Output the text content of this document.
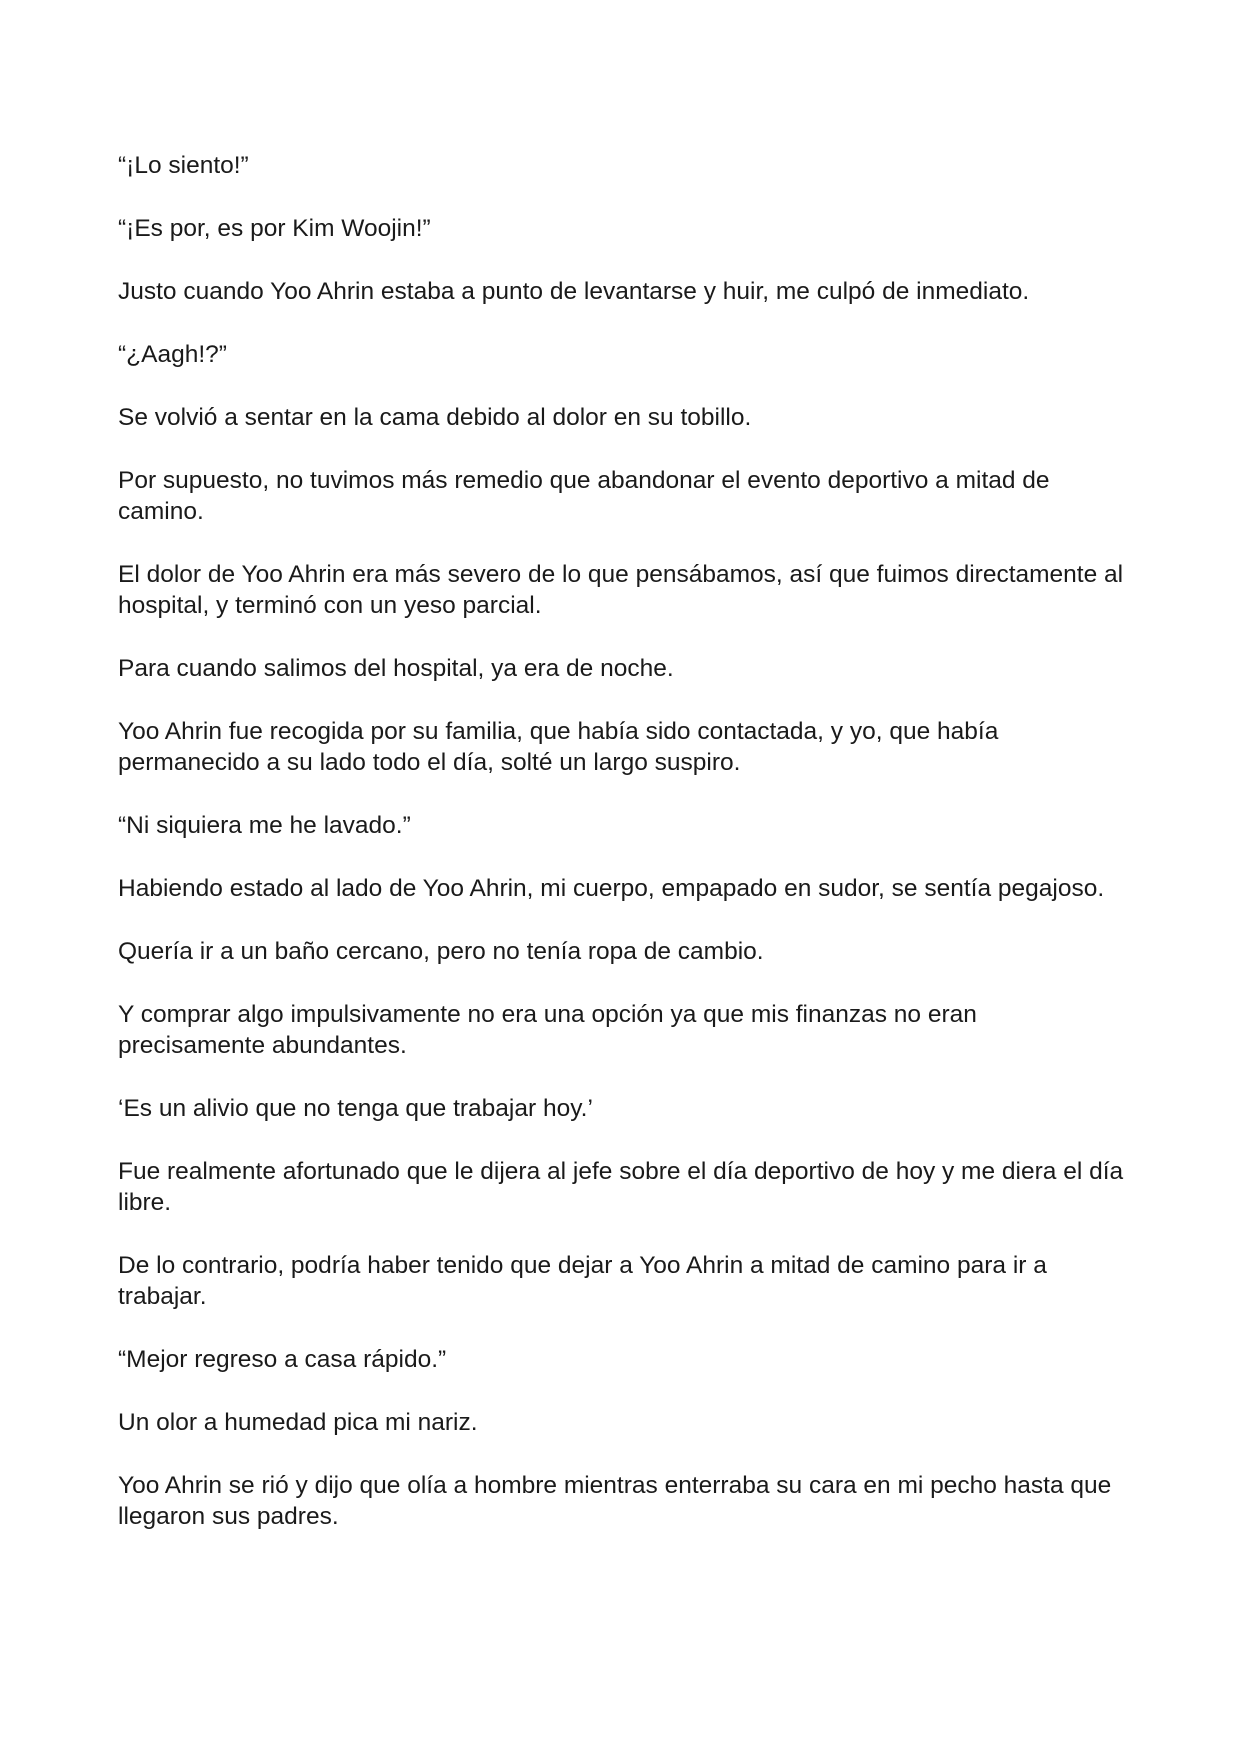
“¡Lo siento!”

“¡Es por, es por Kim Woojin!”

Justo cuando Yoo Ahrin estaba a punto de levantarse y huir, me culpó de inmediato.

“¿Aagh!?”

Se volvió a sentar en la cama debido al dolor en su tobillo.

Por supuesto, no tuvimos más remedio que abandonar el evento deportivo a mitad de camino.

El dolor de Yoo Ahrin era más severo de lo que pensábamos, así que fuimos directamente al hospital, y terminó con un yeso parcial.

Para cuando salimos del hospital, ya era de noche.

Yoo Ahrin fue recogida por su familia, que había sido contactada, y yo, que había permanecido a su lado todo el día, solté un largo suspiro.

“Ni siquiera me he lavado.”

Habiendo estado al lado de Yoo Ahrin, mi cuerpo, empapado en sudor, se sentía pegajoso.

Quería ir a un baño cercano, pero no tenía ropa de cambio.

Y comprar algo impulsivamente no era una opción ya que mis finanzas no eran precisamente abundantes.

‘Es un alivio que no tenga que trabajar hoy.’

Fue realmente afortunado que le dijera al jefe sobre el día deportivo de hoy y me diera el día libre.

De lo contrario, podría haber tenido que dejar a Yoo Ahrin a mitad de camino para ir a trabajar.

“Mejor regreso a casa rápido.”

Un olor a humedad pica mi nariz.

Yoo Ahrin se rió y dijo que olía a hombre mientras enterraba su cara en mi pecho hasta que llegaron sus padres.
